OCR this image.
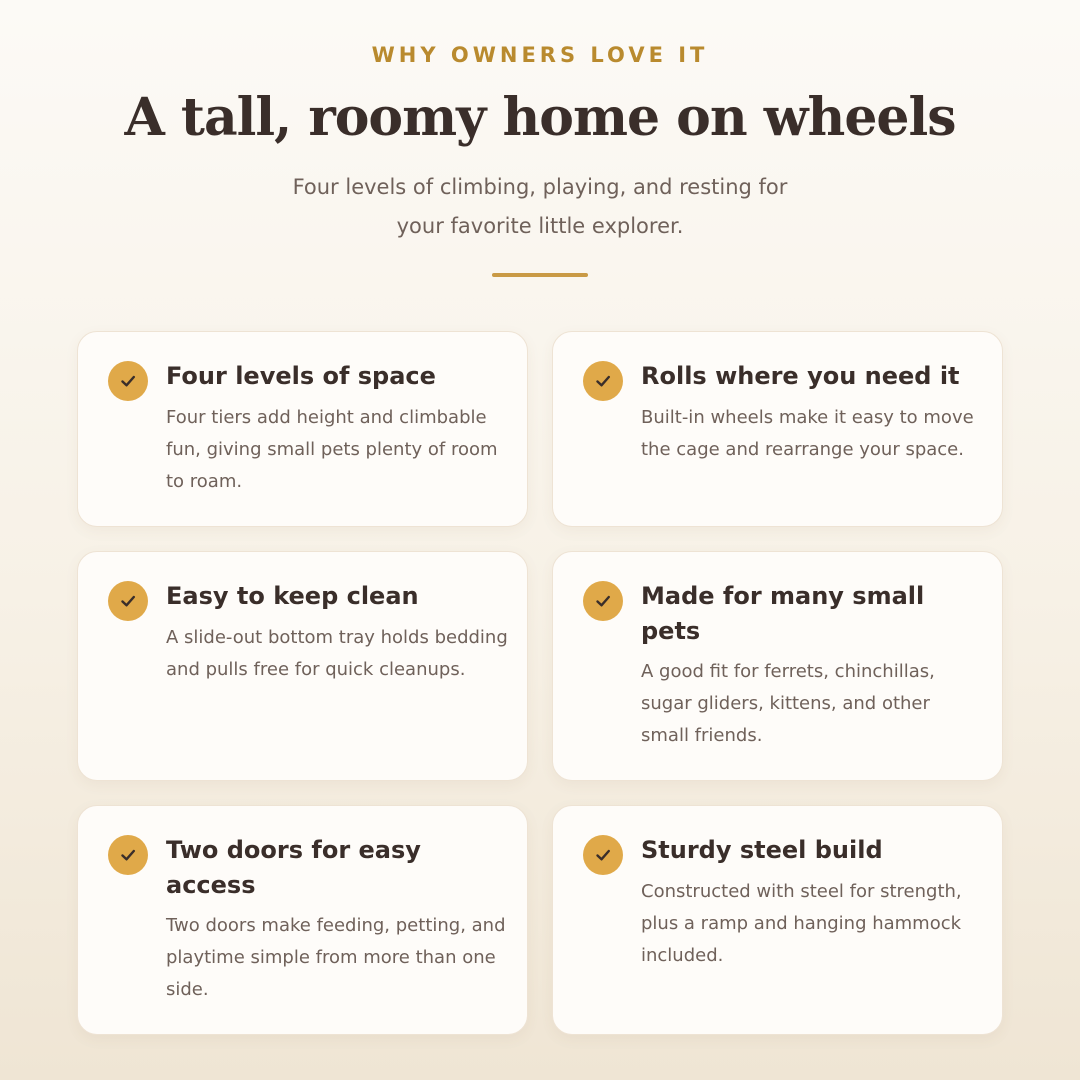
WHY OWNERS LOVE IT
A tall, roomy home on wheels
Four levels of climbing, playing, and resting for your favorite little explorer.
Four levels of space
Four tiers add height and climbable fun, giving small pets plenty of room to roam.
Rolls where you need it
Built-in wheels make it easy to move the cage and rearrange your space.
Easy to keep clean
A slide-out bottom tray holds bedding and pulls free for quick cleanups.
Made for many small pets
A good fit for ferrets, chinchillas, sugar gliders, kittens, and other small friends.
Two doors for easy access
Two doors make feeding, petting, and playtime simple from more than one side.
Sturdy steel build
Constructed with steel for strength, plus a ramp and hanging hammock included.
